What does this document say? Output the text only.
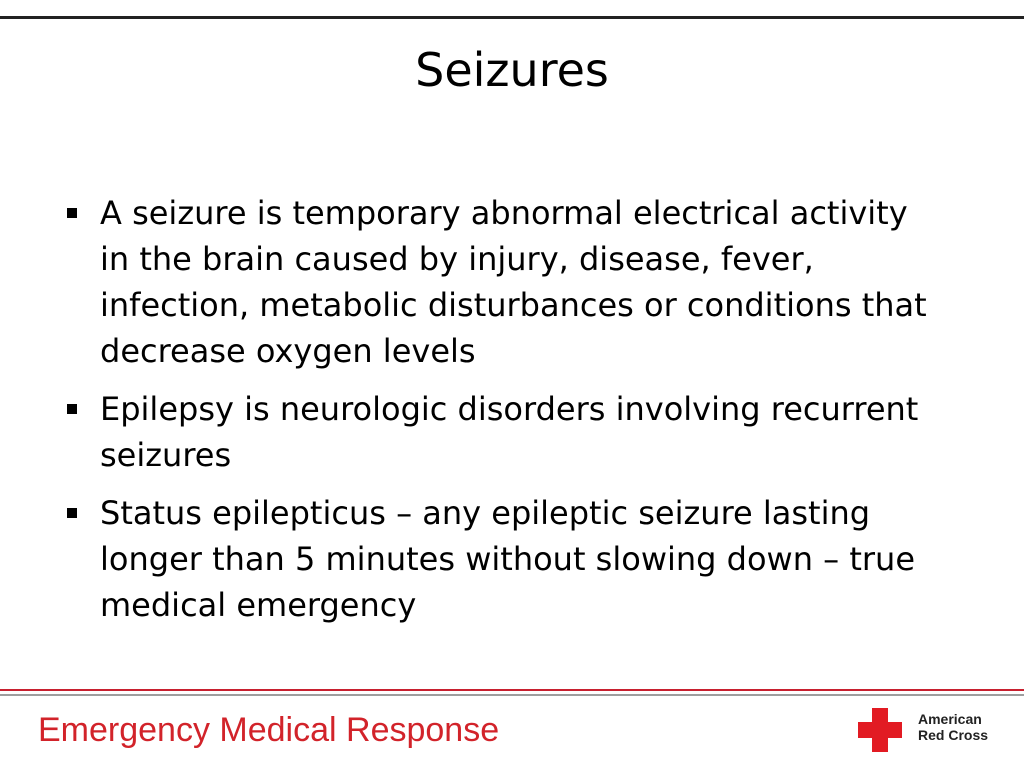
Seizures
A seizure is temporary abnormal electrical activity in the brain caused by injury, disease, fever, infection, metabolic disturbances or conditions that decrease oxygen levels
Epilepsy is neurologic disorders involving recurrent seizures
Status epilepticus – any epileptic seizure lasting longer than 5 minutes without slowing down – true medical emergency
Emergency Medical Response	American
Red Cross
